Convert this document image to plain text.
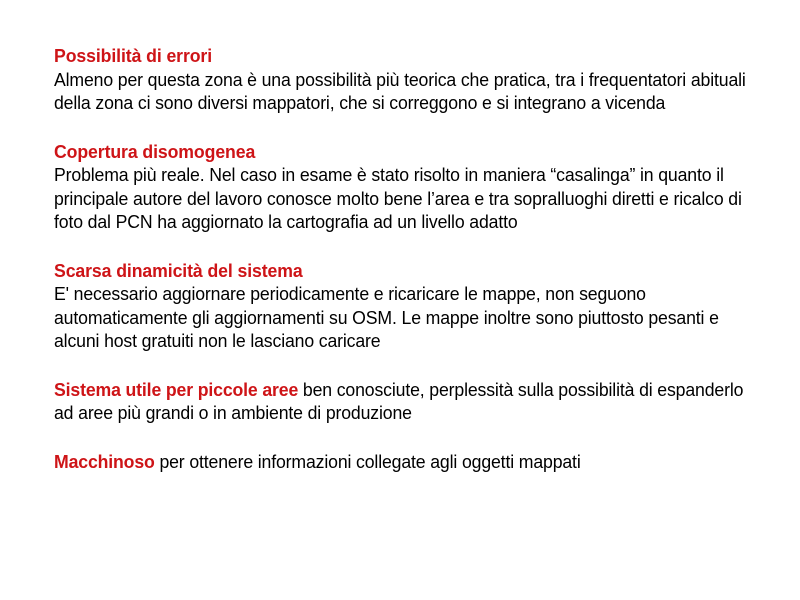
Possibilità di errori
Almeno per questa zona è una possibilità più teorica che pratica, tra i frequentatori abituali della zona ci sono diversi mappatori, che si correggono e si integrano a vicenda
Copertura disomogenea
Problema più reale. Nel caso in esame è stato risolto in maniera “casalinga” in quanto il principale autore del lavoro conosce molto bene l’area e tra sopralluoghi diretti e ricalco di foto dal PCN ha aggiornato la cartografia ad un livello adatto
Scarsa dinamicità del sistema
E' necessario aggiornare periodicamente e ricaricare le mappe, non seguono automaticamente gli aggiornamenti su OSM. Le mappe inoltre sono piuttosto pesanti e alcuni host gratuiti non le lasciano caricare
Sistema utile per piccole aree ben conosciute, perplessità sulla possibilità di espanderlo ad aree più grandi o in ambiente di produzione
Macchinoso per ottenere informazioni collegate agli oggetti mappati
